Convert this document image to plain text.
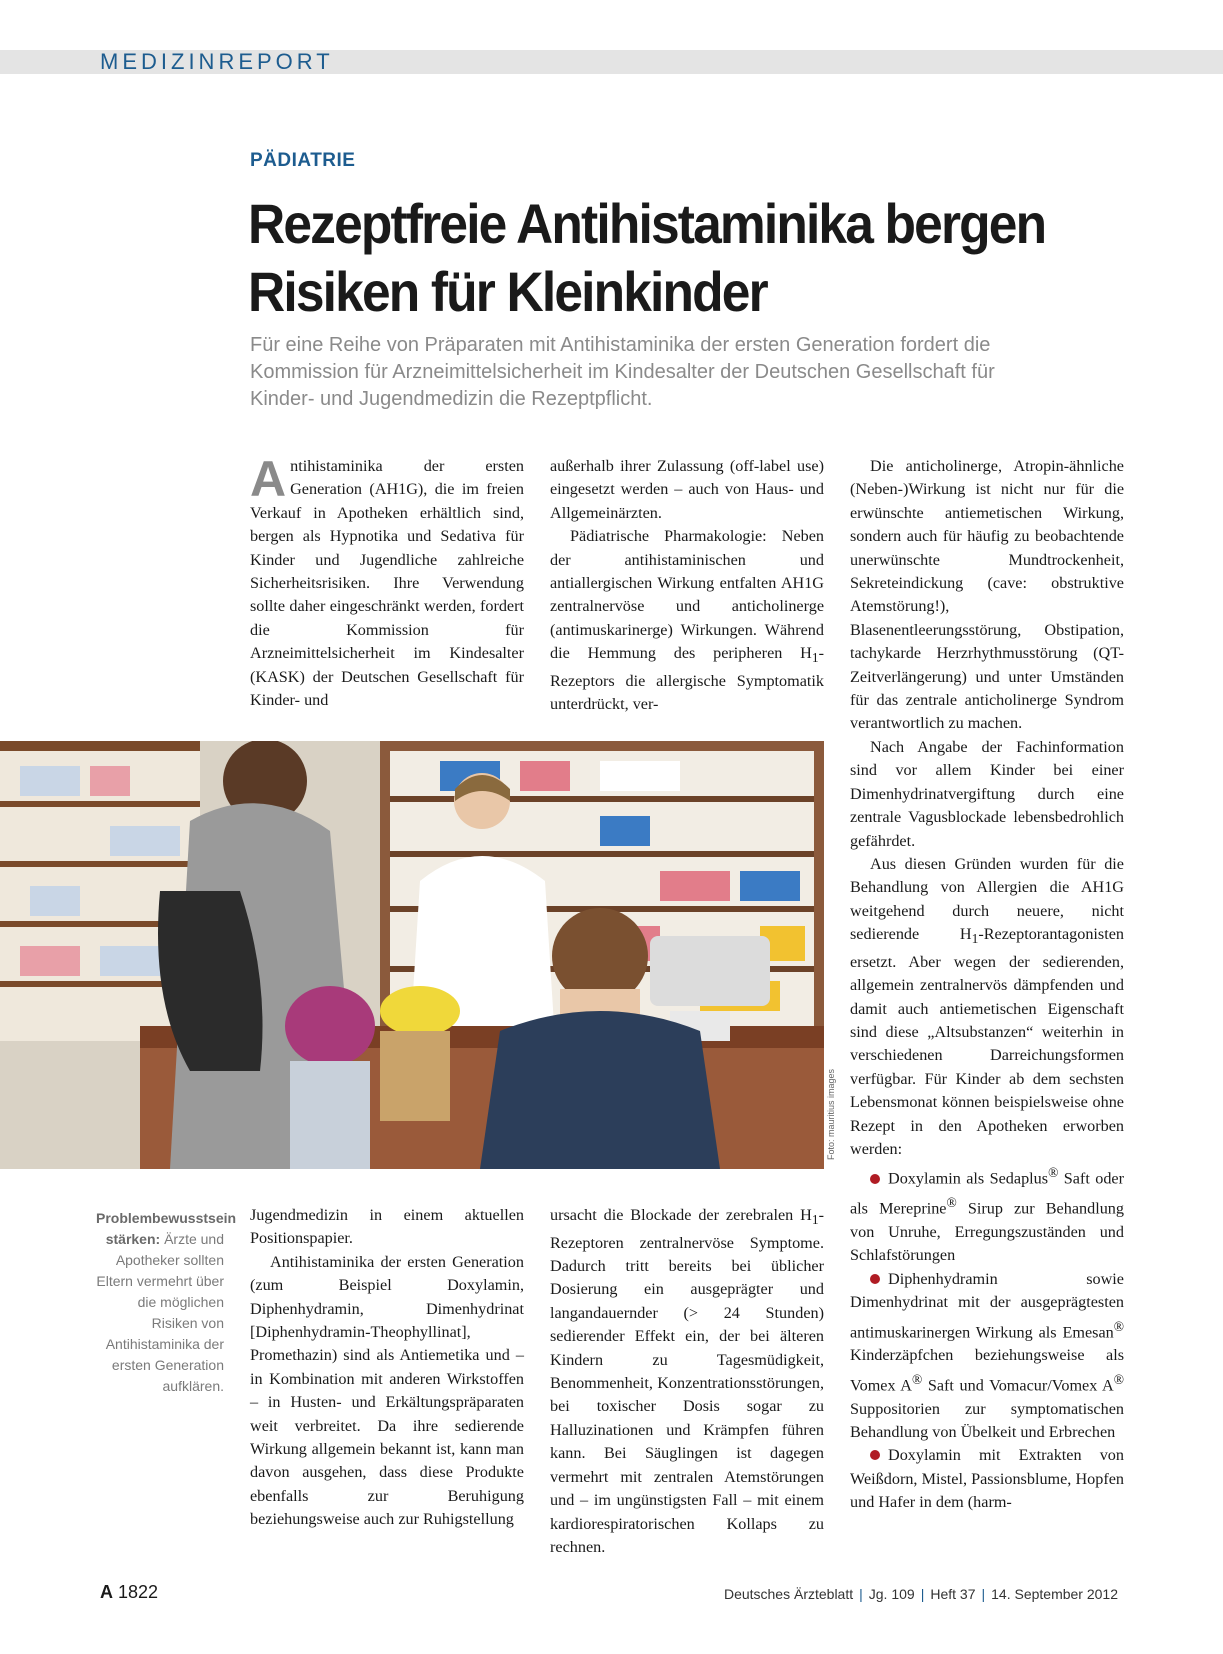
MEDIZINREPORT
PÄDIATRIE
Rezeptfreie Antihistaminika bergen Risiken für Kleinkinder
Für eine Reihe von Präparaten mit Antihistaminika der ersten Generation fordert die Kommission für Arzneimittelsicherheit im Kindesalter der Deutschen Gesellschaft für Kinder- und Jugendmedizin die Rezeptpflicht.

Antihistaminika der ersten Generation (AH1G), die im freien Verkauf in Apotheken erhältlich sind, bergen als Hypnotika und Sedativa für Kinder und Jugendliche zahlreiche Sicherheitsrisiken. Ihre Verwendung sollte daher eingeschränkt werden, fordert die Kommission für Arzneimittelsicherheit im Kindesalter (KASK) der Deutschen Gesellschaft für Kinder- und

außerhalb ihrer Zulassung (off-label use) eingesetzt werden – auch von Haus- und Allgemeinärzten.

Pädiatrische Pharmakologie: Neben der antihistaminischen und antiallergischen Wirkung entfalten AH1G zentralnervöse und anticholinerge (antimuskarinerge) Wirkungen. Während die Hemmung des peripheren $H_1$-Rezeptors die allergische Symptomatik unterdrückt, ver-

Die anticholinerge, Atropin-ähnliche (Neben-)Wirkung ist nicht nur für die erwünschte antiemetischen Wirkung, sondern auch für häufig zu beobachtende unerwünschte Mundtrockenheit, Sekreteindickung (cave: obstruktive Atemstörung!), Blasenentleerungsstörung, Obstipation, tachykarde Herzrhythmusstörung (QT-Zeitverlängerung) und unter Umständen für das zentrale anticholinerge Syndrom verantwortlich zu machen.

Nach Angabe der Fachinformation sind vor allem Kinder bei einer Dimenhydrinatvergiftung durch eine zentrale Vagusblockade lebensbedrohlich gefährdet.

Aus diesen Gründen wurden für die Behandlung von Allergien die AH1G weitgehend durch neuere, nicht sedierende $H_1$-Rezeptorantagonisten ersetzt. Aber wegen der sedierenden, allgemein zentralnervös dämpfenden und damit auch antiemetischen Eigenschaft sind diese „Altsubstanzen“ weiterhin in verschiedenen Darreichungsformen verfügbar. Für Kinder ab dem sechsten Lebensmonat können beispielsweise ohne Rezept in den Apotheken erworben werden:

Doxylamin als Sedaplus® Saft oder als Mereprine® Sirup zur Behandlung von Unruhe, Erregungszuständen und Schlafstörungen

Diphenhydramin sowie Dimenhydrinat mit der ausgeprägtesten antimuskarinergen Wirkung als Emesan® Kinderzäpfchen beziehungsweise als Vomex A® Saft und Vomacur/Vomex A® Suppositorien zur symptomatischen Behandlung von Übelkeit und Erbrechen

Doxylamin mit Extrakten von Weißdorn, Mistel, Passionsblume, Hopfen und Hafer in dem (harm-

Foto: mauritius images
Problembewusstsein stärken: Ärzte und Apotheker sollten Eltern vermehrt über die möglichen Risiken von Antihistaminika der ersten Generation aufklären.

Jugendmedizin in einem aktuellen Positionspapier.

Antihistaminika der ersten Generation (zum Beispiel Doxylamin, Diphenhydramin, Dimenhydrinat [Diphenhydramin-Theophyllinat], Promethazin) sind als Antiemetika und – in Kombination mit anderen Wirkstoffen – in Husten- und Erkältungspräparaten weit verbreitet. Da ihre sedierende Wirkung allgemein bekannt ist, kann man davon ausgehen, dass diese Produkte ebenfalls zur Beruhigung beziehungsweise auch zur Ruhigstellung

ursacht die Blockade der zerebralen $H_1$-Rezeptoren zentralnervöse Symptome. Dadurch tritt bereits bei üblicher Dosierung ein ausgeprägter und langandauernder (> 24 Stunden) sedierender Effekt ein, der bei älteren Kindern zu Tagesmüdigkeit, Benommenheit, Konzentrationsstörungen, bei toxischer Dosis sogar zu Halluzinationen und Krämpfen führen kann. Bei Säuglingen ist dagegen vermehrt mit zentralen Atemstörungen und – im ungünstigsten Fall – mit einem kardiorespiratorischen Kollaps zu rechnen.

A 1822	Deutsches Ärzteblatt | Jg. 109 | Heft 37 | 14. September 2012
